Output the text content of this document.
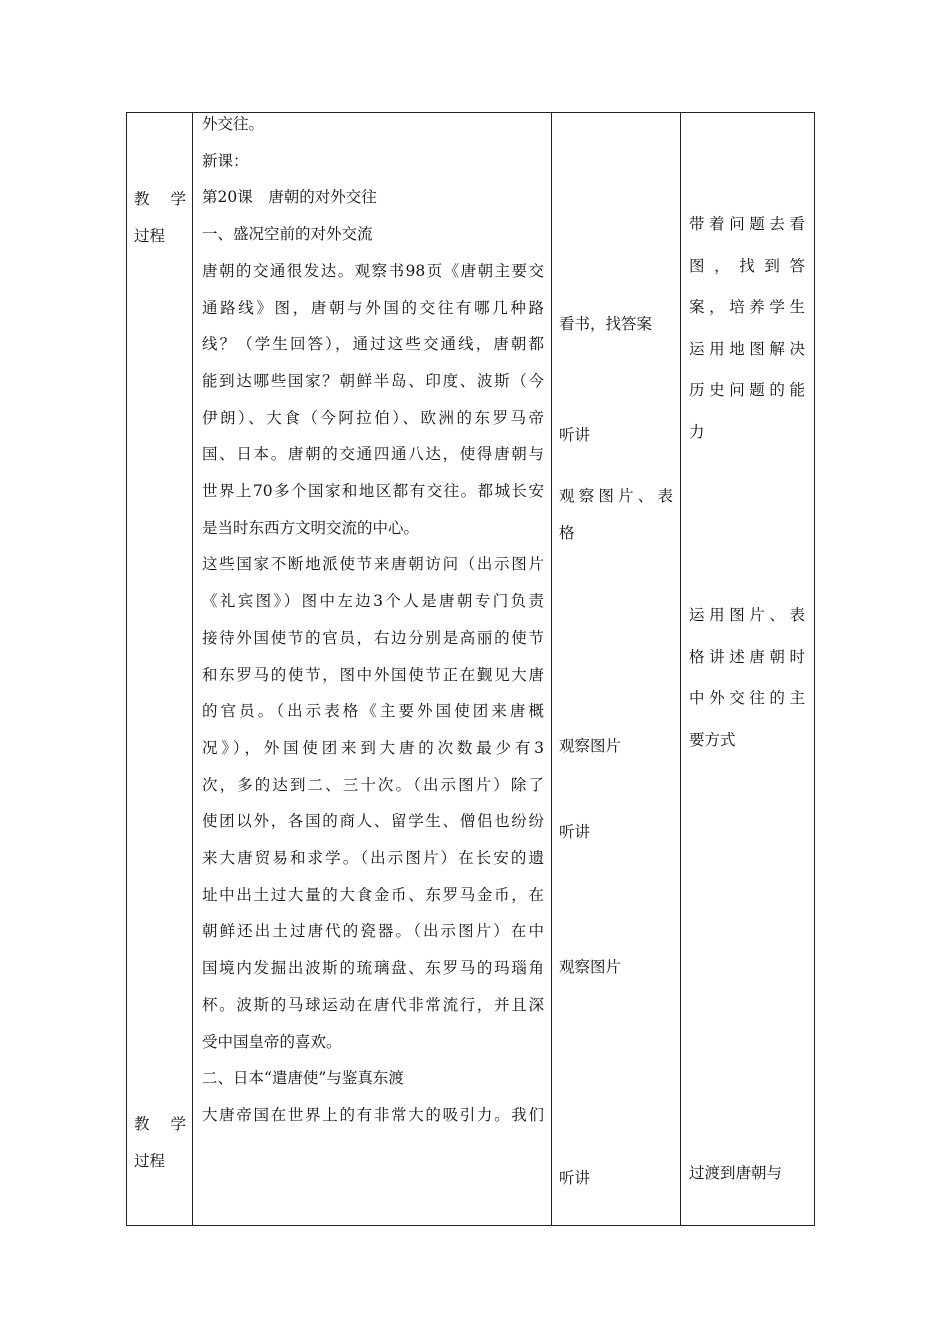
教　学
过程
教　学
过程

外交往。

新课：

第20课　唐朝的对外交往

一、盛况空前的对外交流

唐朝的交通很发达。观察书98页《唐朝主要交

通路线》图，唐朝与外国的交往有哪几种路

线？（学生回答），通过这些交通线，唐朝都

能到达哪些国家？朝鲜半岛、印度、波斯（今

伊朗）、大食（今阿拉伯）、欧洲的东罗马帝

国、日本。唐朝的交通四通八达，使得唐朝与

世界上70多个国家和地区都有交往。都城长安

是当时东西方文明交流的中心。

这些国家不断地派使节来唐朝访问（出示图片

《礼宾图》）图中左边3个人是唐朝专门负责

接待外国使节的官员，右边分别是高丽的使节

和东罗马的使节，图中外国使节正在觐见大唐

的官员。（出示表格《主要外国使团来唐概

况》），外国使团来到大唐的次数最少有3

次，多的达到二、三十次。（出示图片）除了

使团以外，各国的商人、留学生、僧侣也纷纷

来大唐贸易和求学。（出示图片）在长安的遗

址中出土过大量的大食金币、东罗马金币，在

朝鲜还出土过唐代的瓷器。（出示图片）在中

国境内发掘出波斯的琉璃盘、东罗马的玛瑙角

杯。波斯的马球运动在唐代非常流行，并且深

受中国皇帝的喜欢。

二、日本“遣唐使”与鉴真东渡

大唐帝国在世界上的有非常大的吸引力。我们

看书，找答案
听讲
观察图片、表
格
观察图片
听讲
观察图片
听讲

带着问题去看

图，找到答

案，培养学生

运用地图解决

历史问题的能

力

运用图片、表

格讲述唐朝时

中外交往的主

要方式

过渡到唐朝与
